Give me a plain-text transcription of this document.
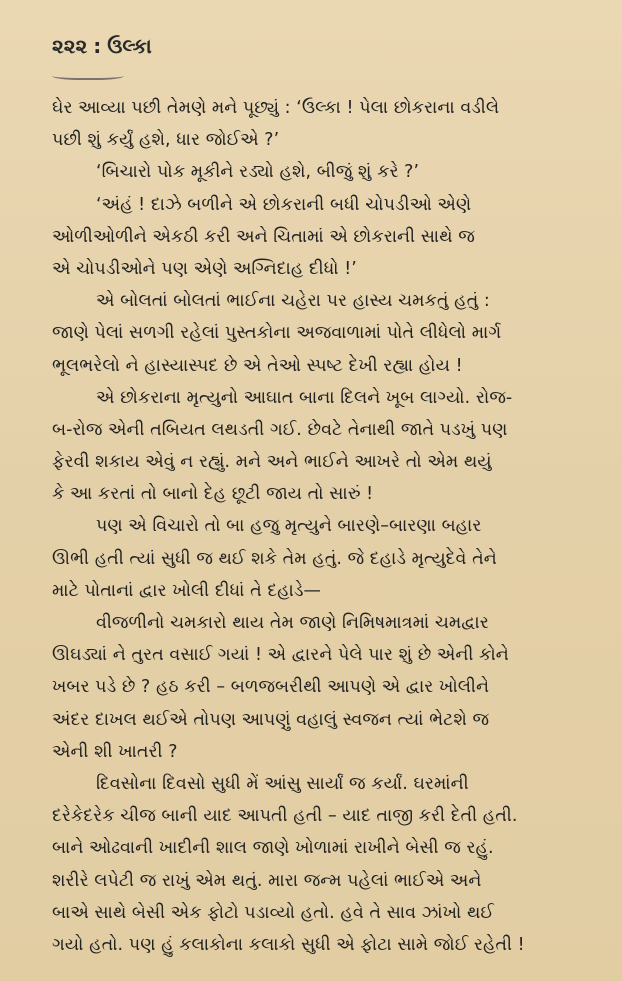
૨૨૨ : ઉલ્કા
ઘેર આવ્યા પછી તેમણે મને પૂછ્યું : ‘ઉલ્કા ! પેલા છોકરાના વડીલે
પછી શું કર્યું હશે, ધાર જોઈએ ?’
‘બિચારો પોક મૂકીને રડ્યો હશે, બીજું શું કરે ?’
‘અંહં ! દાઝે બળીને એ છોકરાની બધી ચોપડીઓ એણે
ઓળીઓળીને એકઠી કરી અને ચિતામાં એ છોકરાની સાથે જ
એ ચોપડીઓને પણ એણે અગ્નિદાહ દીધો !’
એ બોલતાં બોલતાં ભાઈના ચહેરા પર હાસ્ય ચમકતું હતું :
જાણે પેલાં સળગી રહેલાં પુસ્તકોના અજવાળામાં પોતે લીધેલો માર્ગ
ભૂલભરેલો ને હાસ્યાસ્પદ છે એ તેઓ સ્પષ્ટ દેખી રહ્યા હોય !
એ છોકરાના મૃત્યુનો આઘાત બાના દિલને ખૂબ લાગ્યો. રોજ-
બ-રોજ એની તબિયત લથડતી ગઈ. છેવટે તેનાથી જાતે પડખું પણ
ફેરવી શકાય એવું ન રહ્યું. મને અને ભાઈને આખરે તો એમ થયું
કે આ કરતાં તો બાનો દેહ છૂટી જાય તો સારું !
પણ એ વિચારો તો બા હજુ મૃત્યુને બારણે–બારણા બહાર
ઊભી હતી ત્યાં સુધી જ થઈ શકે તેમ હતું. જે દહાડે મૃત્યુદેવે તેને
માટે પોતાનાં દ્વાર ખોલી દીધાં તે દહાડે—
વીજળીનો ચમકારો થાય તેમ જાણે નિમિષમાત્રમાં ચમદ્વાર
ઊઘડ્યાં ને તુરત વસાઈ ગયાં ! એ દ્વારને પેલે પાર શું છે એની કોને
ખબર પડે છે ? હઠ કરી – બળજબરીથી આપણે એ દ્વાર ખોલીને
અંદર દાખલ થઈએ તોપણ આપણું વહાલું સ્વજન ત્યાં ભેટશે જ
એની શી ખાતરી ?
દિવસોના દિવસો સુધી મેં આંસુ સાર્યાં જ કર્યાં. ઘરમાંની
દરેકેદરેક ચીજ બાની યાદ આપતી હતી – યાદ તાજી કરી દેતી હતી.
બાને ઓઢવાની ખાદીની શાલ જાણે ખોળામાં રાખીને બેસી જ રહું.
શરીરે લપેટી જ રાખું એમ થતું. મારા જન્મ પહેલાં ભાઈએ અને
બાએ સાથે બેસી એક ફોટો પડાવ્યો હતો. હવે તે સાવ ઝાંખો થઈ
ગયો હતો. પણ હું કલાકોના કલાકો સુધી એ ફોટા સામે જોઈ રહેતી !
